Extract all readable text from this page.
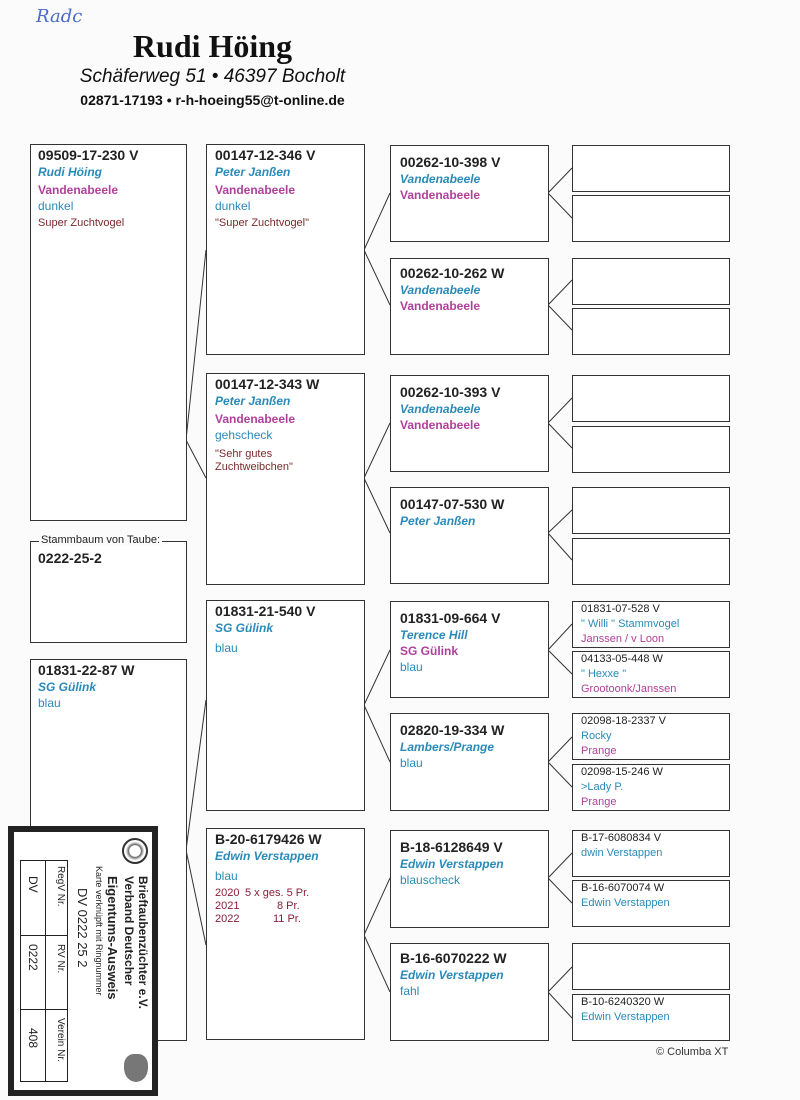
Radc
Rudi Höing
Schäferweg 51 • 46397 Bocholt
02871-17193 • r-h-hoeing55@t-online.de
09509-17-230 V
Rudi Höing
Vandenabeele
dunkel
Super Zuchtvogel
Stammbaum von Taube:
0222-25-2
01831-22-87 W
SG Gülink
blau
00147-12-346 V
Peter Janßen
Vandenabeele
dunkel
"Super Zuchtvogel"
00147-12-343 W
Peter Janßen
Vandenabeele
gehscheck
"Sehr gutes
Zuchtweibchen"
01831-21-540 V
SG Gülink
blau
B-20-6179426 W
Edwin Verstappen
blau
2020 5 x ges. 5 Pr.
2021	8 Pr.
2022	11 Pr.
00262-10-398 V
Vandenabeele
Vandenabeele
00262-10-262 W
Vandenabeele
Vandenabeele
00262-10-393 V
Vandenabeele
Vandenabeele
00147-07-530 W
Peter Janßen
01831-09-664 V
Terence Hill
SG Gülink
blau
02820-19-334 W
Lambers/Prange
blau
B-18-6128649 V
Edwin Verstappen
blauscheck
B-16-6070222 W
Edwin Verstappen
fahl
01831-07-528 V
" Willi " Stammvogel
Janssen / v Loon
04133-05-448 W
" Hexxe "
Grootoonk/Janssen
02098-18-2337 V
Rocky
Prange
02098-15-246 W
>Lady P.
Prange
B-17-6080834 V
dwin Verstappen
B-16-6070074 W
Edwin Verstappen
B-10-6240320 W
Edwin Verstappen
© Columba XT
RegV Nr.
RV Nr.
Verein Nr.
DV
0222
408
DV 0222 25 2 Karte verknüpft mit Ringnummer Eigentums-Ausweis Verband Deutscher Brieftaubenzüchter e.V.
